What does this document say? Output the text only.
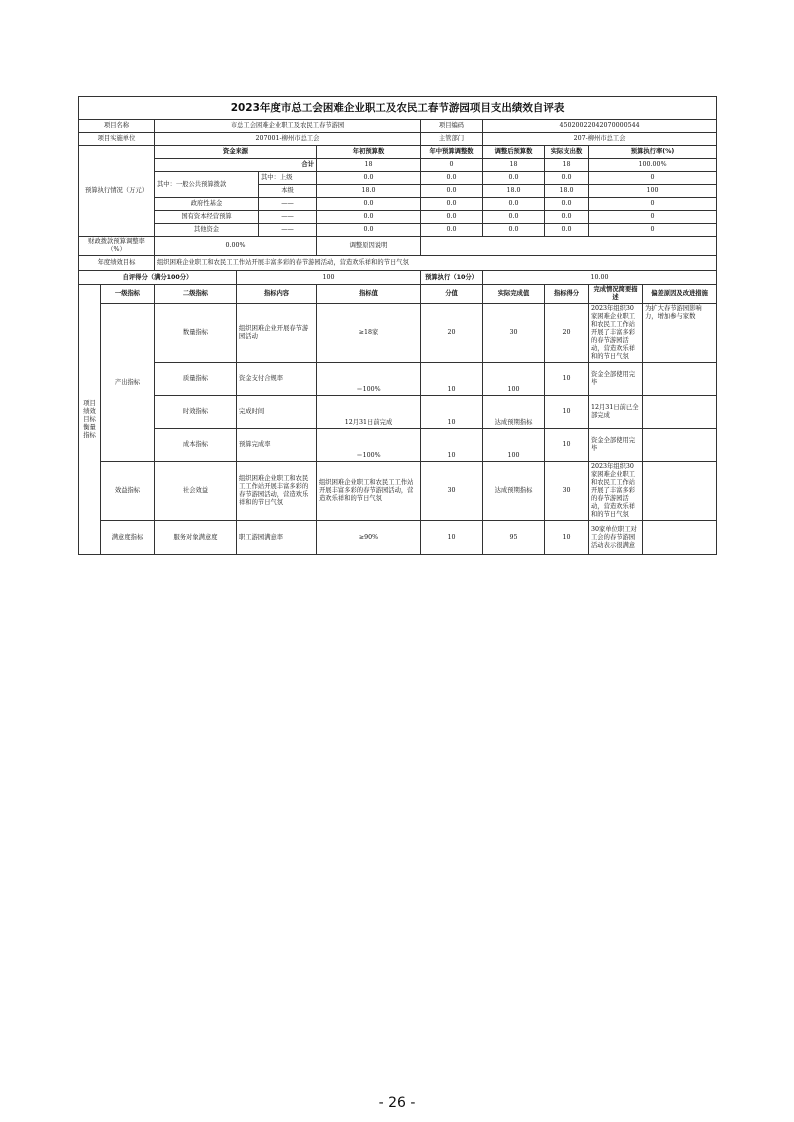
2023年度市总工会困难企业职工及农民工春节游园项目支出绩效自评表										
项目名称		市总工会困难企业职工及农民工春节游园				项目编码	45020022042070000544			
项目实施单位		207001-柳州市总工会				主管部门	207-柳州市总工会			
预算执行情况（万元）		资金来源			年初预算数	年中预算调整数	调整后预算数	实际支出数	预算执行率(%)	
		合计			18	0	18	18	100.00%	
		其中：一般公共预算拨款		其中：上级	0.0	0.0	0.0	0.0	0	
				本级	18.0	0.0	18.0	18.0	100	
		政府性基金		——	0.0	0.0	0.0	0.0	0	
		国有资本经营预算		——	0.0	0.0	0.0	0.0	0	
		其他资金		——	0.0	0.0	0.0	0.0	0	
财政拨款预算调整率（%）		0.00%			调整原因说明					
年度绩效目标		组织困难企业职工和农民工工作站开展丰富多彩的春节游园活动，营造欢乐祥和的节日气氛								
自评得分（满分100分）			100			预算执行（10分）	10.00			
项目绩效目标衡量指标	一级指标	二级指标	指标内容		指标值	分值	实际完成值	指标得分	完成情况简要描述	偏差原因及改进措施
	产出指标	数量指标	组织困难企业开展春节游园活动		≥18家	20	30	20	2023年组织30家困难企业职工和农民工工作站开展了丰富多彩的春节游园活动，营造欢乐祥和的节日气氛	为扩大春节游园影响力，增加参与家数
		质量指标	资金支付合规率		＝100%	10	100	10	资金全部使用完毕	
		时效指标	完成时间		12月31日前完成	10	达成预期指标	10	12月31日前已全部完成	
		成本指标	预算完成率		＝100%	10	100	10	资金全部使用完毕	
	效益指标	社会效益	组织困难企业职工和农民工工作站开展丰富多彩的春节游园活动，营造欢乐祥和的节日气氛		组织困难企业职工和农民工工作站开展丰富多彩的春节游园活动，营造欢乐祥和的节日气氛	30	达成预期指标	30	2023年组织30家困难企业职工和农民工工作站开展了丰富多彩的春节游园活动，营造欢乐祥和的节日气氛	
	满意度指标	服务对象满意度	职工游园满意率		≥90%	10	95	10	30家单位职工对工会的春节游园活动表示很满意	
- 26 -
